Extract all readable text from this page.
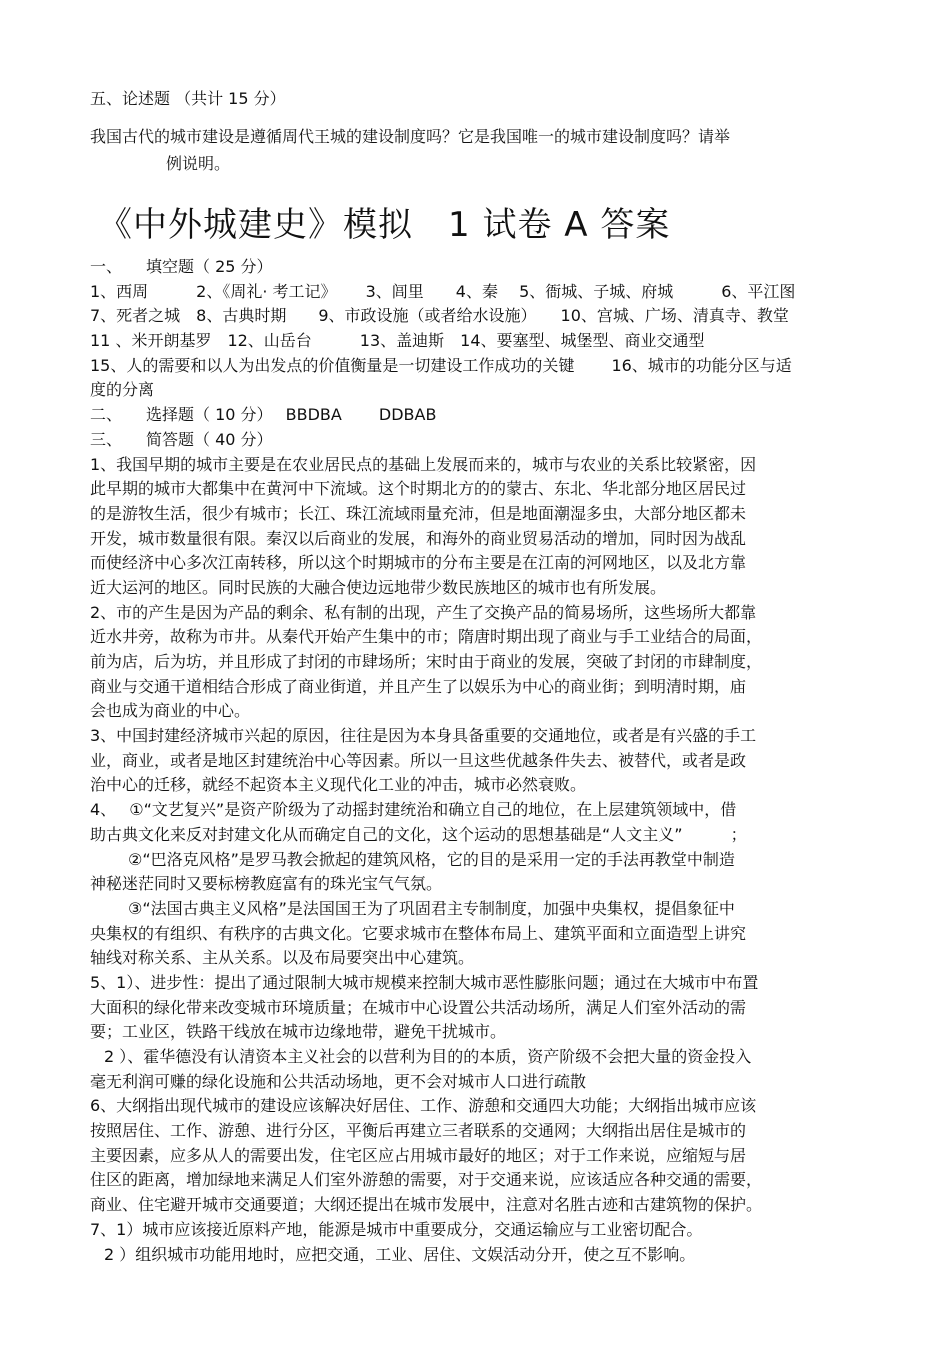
五、论述题 （共计 15 分）
我国古代的城市建设是遵循周代王城的建设制度吗？它是我国唯一的城市建设制度吗？请举
例说明。
《中外城建史》模拟　1 试卷 A 答案
一、　　填空题（ 25 分）
1、西周　　　2、《周礼· 考工记》　　 3、闾里　　4、秦　 5、衙城、子城、府城　　　6、平江图
7、死者之城　8、古典时期　　9、市政设施（或者给水设施）　　10、宫城、广场、清真寺、教堂
11 、米开朗基罗　12、山岳台　　　13、盖迪斯　14、要塞型、城堡型、商业交通型
15、人的需要和以人为出发点的价值衡量是一切建设工作成功的关键　　 16、城市的功能分区与适
度的分离
二、　　选择题（ 10 分）　 BBDBA　　 DDBAB
三、　　简答题（ 40 分）
1、我国早期的城市主要是在农业居民点的基础上发展而来的，城市与农业的关系比较紧密，因
此早期的城市大都集中在黄河中下流域。这个时期北方的的蒙古、东北、华北部分地区居民过
的是游牧生活，很少有城市；长江、珠江流域雨量充沛，但是地面潮湿多虫，大部分地区都未
开发，城市数量很有限。秦汉以后商业的发展，和海外的商业贸易活动的增加，同时因为战乱
而使经济中心多次江南转移，所以这个时期城市的分布主要是在江南的河网地区，以及北方靠
近大运河的地区。同时民族的大融合使边远地带少数民族地区的城市也有所发展。
2、市的产生是因为产品的剩余、私有制的出现，产生了交换产品的简易场所，这些场所大都靠
近水井旁，故称为市井。从秦代开始产生集中的市；隋唐时期出现了商业与手工业结合的局面，
前为店，后为坊，并且形成了封闭的市肆场所；宋时由于商业的发展，突破了封闭的市肆制度，
商业与交通干道相结合形成了商业街道，并且产生了以娱乐为中心的商业街；到明清时期，庙
会也成为商业的中心。
3、中国封建经济城市兴起的原因，往往是因为本身具备重要的交通地位，或者是有兴盛的手工
业，商业，或者是地区封建统治中心等因素。所以一旦这些优越条件失去、被替代，或者是政
治中心的迁移，就经不起资本主义现代化工业的冲击，城市必然衰败。
4、　 ①“文艺复兴”是资产阶级为了动摇封建统治和确立自己的地位，在上层建筑领域中，借
助古典文化来反对封建文化从而确定自己的文化，这个运动的思想基础是“人文主义”　　　；
②“巴洛克风格”是罗马教会掀起的建筑风格，它的目的是采用一定的手法再教堂中制造
神秘迷茫同时又要标榜教庭富有的珠光宝气气氛。
③“法国古典主义风格”是法国国王为了巩固君主专制制度，加强中央集权，提倡象征中
央集权的有组织、有秩序的古典文化。它要求城市在整体布局上、建筑平面和立面造型上讲究
轴线对称关系、主从关系。以及布局要突出中心建筑。
5、1）、进步性：提出了通过限制大城市规模来控制大城市恶性膨胀问题；通过在大城市中布置
大面积的绿化带来改变城市环境质量；在城市中心设置公共活动场所，满足人们室外活动的需
要；工业区，铁路干线放在城市边缘地带，避免干扰城市。
2 ）、霍华德没有认清资本主义社会的以营利为目的的本质，资产阶级不会把大量的资金投入
毫无利润可赚的绿化设施和公共活动场地，更不会对城市人口进行疏散
6、大纲指出现代城市的建设应该解决好居住、工作、游憩和交通四大功能；大纲指出城市应该
按照居住、工作、游憩、进行分区，平衡后再建立三者联系的交通网；大纲指出居住是城市的
主要因素，应多从人的需要出发，住宅区应占用城市最好的地区；对于工作来说，应缩短与居
住区的距离，增加绿地来满足人们室外游憩的需要，对于交通来说，应该适应各种交通的需要，
商业、住宅避开城市交通要道；大纲还提出在城市发展中，注意对名胜古迹和古建筑物的保护。
7、1）城市应该接近原料产地，能源是城市中重要成分，交通运输应与工业密切配合。
2 ）组织城市功能用地时，应把交通，工业、居住、文娱活动分开，使之互不影响。
